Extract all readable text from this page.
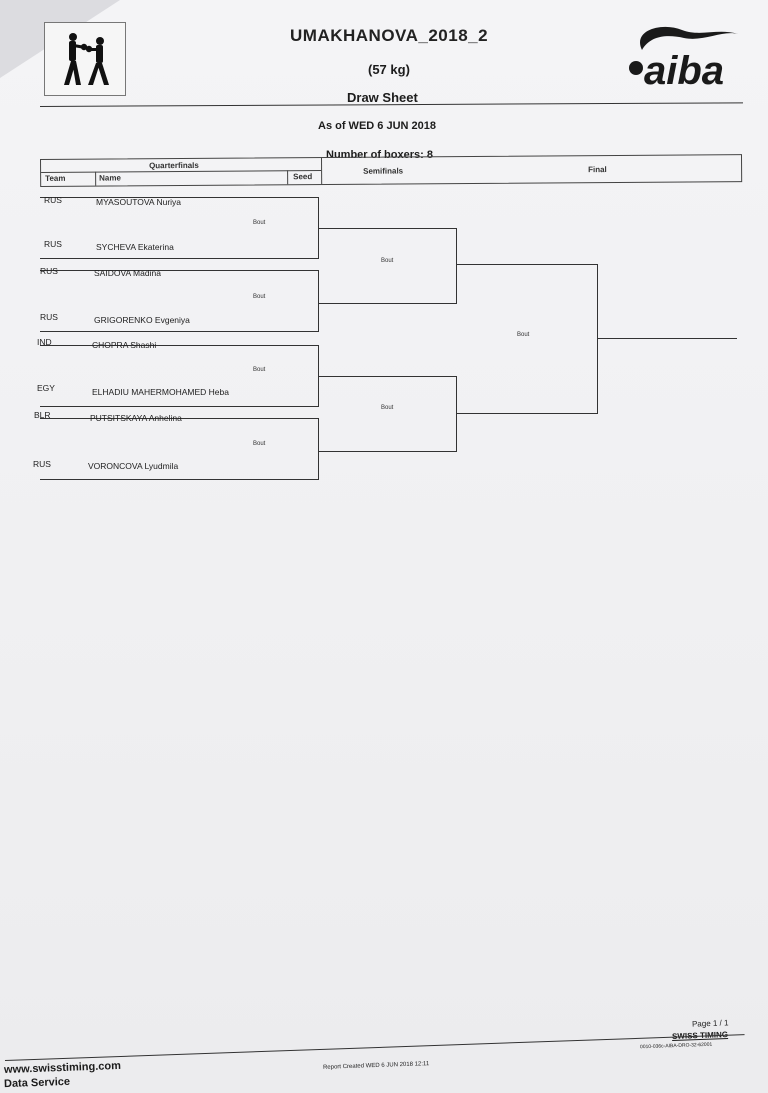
UMAKHANOVA_2018_2
(57 kg)
Draw Sheet
As of WED 6 JUN 2018
Number of boxers: 8
aiba
Quarterfinals
Team	Name	Seed
Semifinals	Final
RUS	MYASOUTOVA Nuriya
RUS	SYCHEVA Ekaterina
RUS	SAIDOVA Madina
RUS	GRIGORENKO Evgeniya
IND	CHOPRA Shashi
EGY	ELHADIU MAHERMOHAMED Heba
BLR	PUTSITSKAYA Anhelina
RUS	VORONCOVA Lyudmila
Bout
Bout
Bout
Bout
Bout
Bout
Bout
Page 1 / 1
SWISS TIMING
0010-036c-AIBA-DRO-32-62001
www.swisstiming.com	Report Created WED 6 JUN 2018 12:11
Data Service
